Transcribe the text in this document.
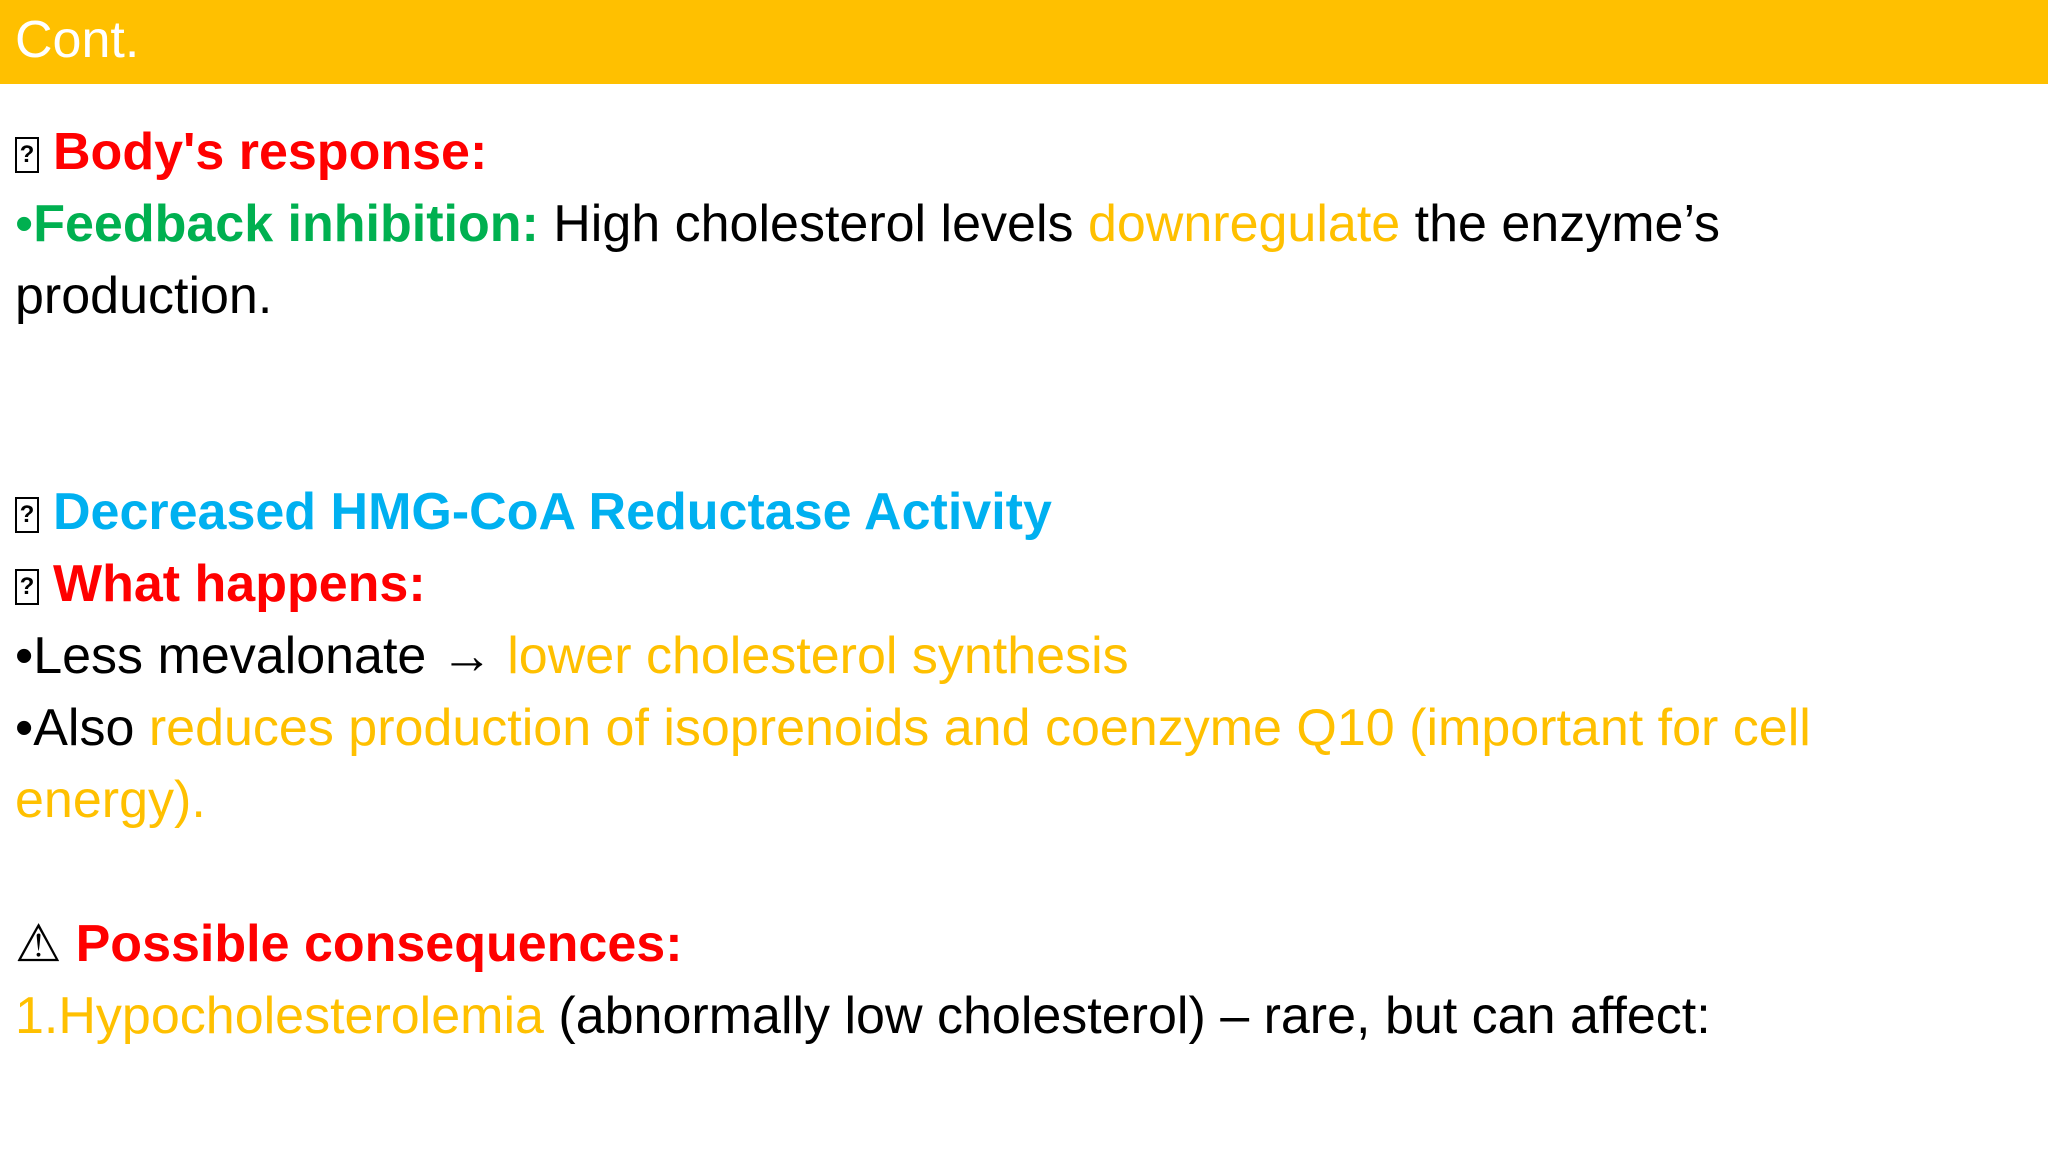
Cont.
?Body's response:
•Feedback inhibition: High cholesterol levels downregulate the enzyme’s
production.
?Decreased HMG-CoA Reductase Activity
?What happens:
•Less mevalonate → lower cholesterol synthesis
•Also reduces production of isoprenoids and coenzyme Q10 (important for cell
energy).
⚠ Possible consequences:
1.Hypocholesterolemia (abnormally low cholesterol) – rare, but can affect:
